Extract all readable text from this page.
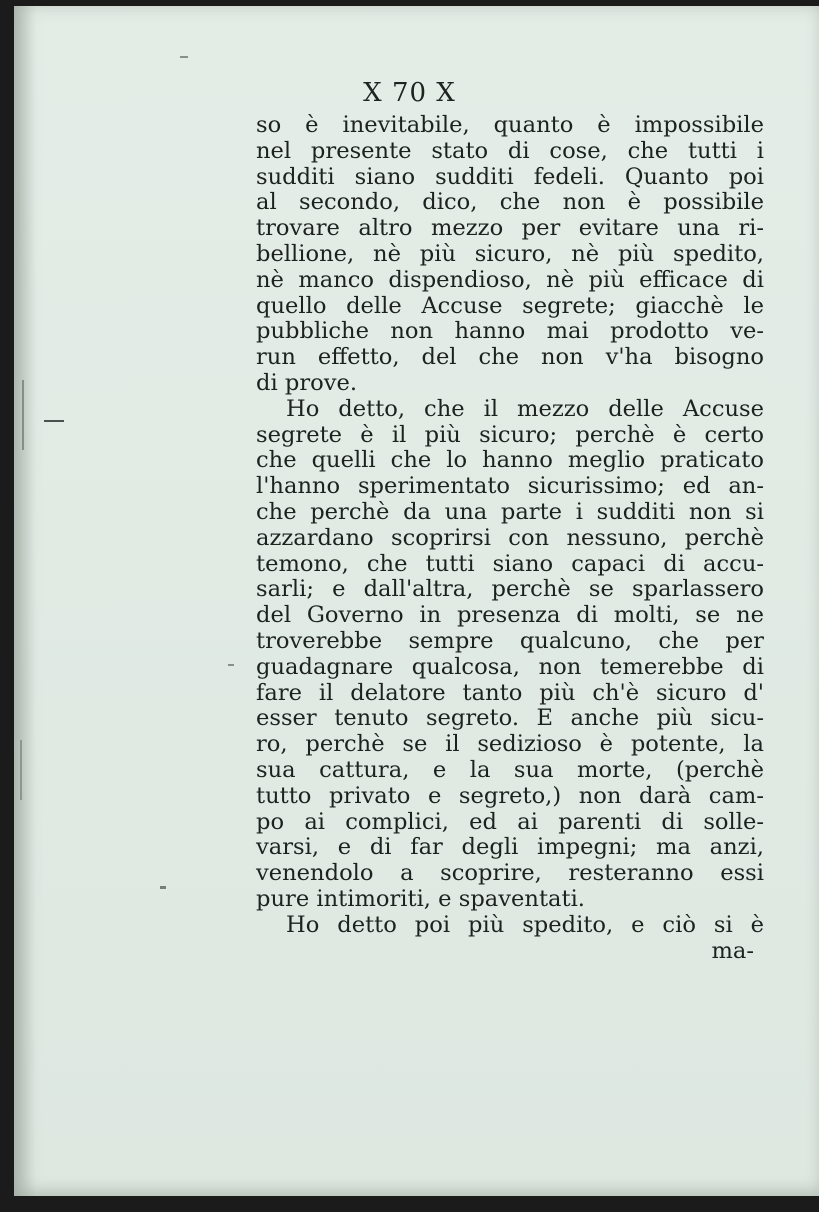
X 70 X
so è inevitabile, quanto è impossibile
nel presente stato di cose, che tutti i
sudditi siano sudditi fedeli. Quanto poi
al secondo, dico, che non è possibile
trovare altro mezzo per evitare una ri-
bellione, nè più sicuro, nè più spedito,
nè manco dispendioso, nè più efficace di
quello delle Accuse segrete; giacchè le
pubbliche non hanno mai prodotto ve-
run effetto, del che non v'ha bisogno
di prove.
Ho detto, che il mezzo delle Accuse
segrete è il più sicuro; perchè è certo
che quelli che lo hanno meglio praticato
l'hanno sperimentato sicurissimo; ed an-
che perchè da una parte i sudditi non si
azzardano scoprirsi con nessuno, perchè
temono, che tutti siano capaci di accu-
sarli; e dall'altra, perchè se sparlassero
del Governo in presenza di molti, se ne
troverebbe sempre qualcuno, che per
guadagnare qualcosa, non temerebbe di
fare il delatore tanto più ch'è sicuro d'
esser tenuto segreto. E anche più sicu-
ro, perchè se il sedizioso è potente, la
sua cattura, e la sua morte, (perchè
tutto privato e segreto,) non darà cam-
po ai complici, ed ai parenti di solle-
varsi, e di far degli impegni; ma anzi,
venendolo a scoprire, resteranno essi
pure intimoriti, e spaventati.
Ho detto poi più spedito, e ciò si è
ma-
